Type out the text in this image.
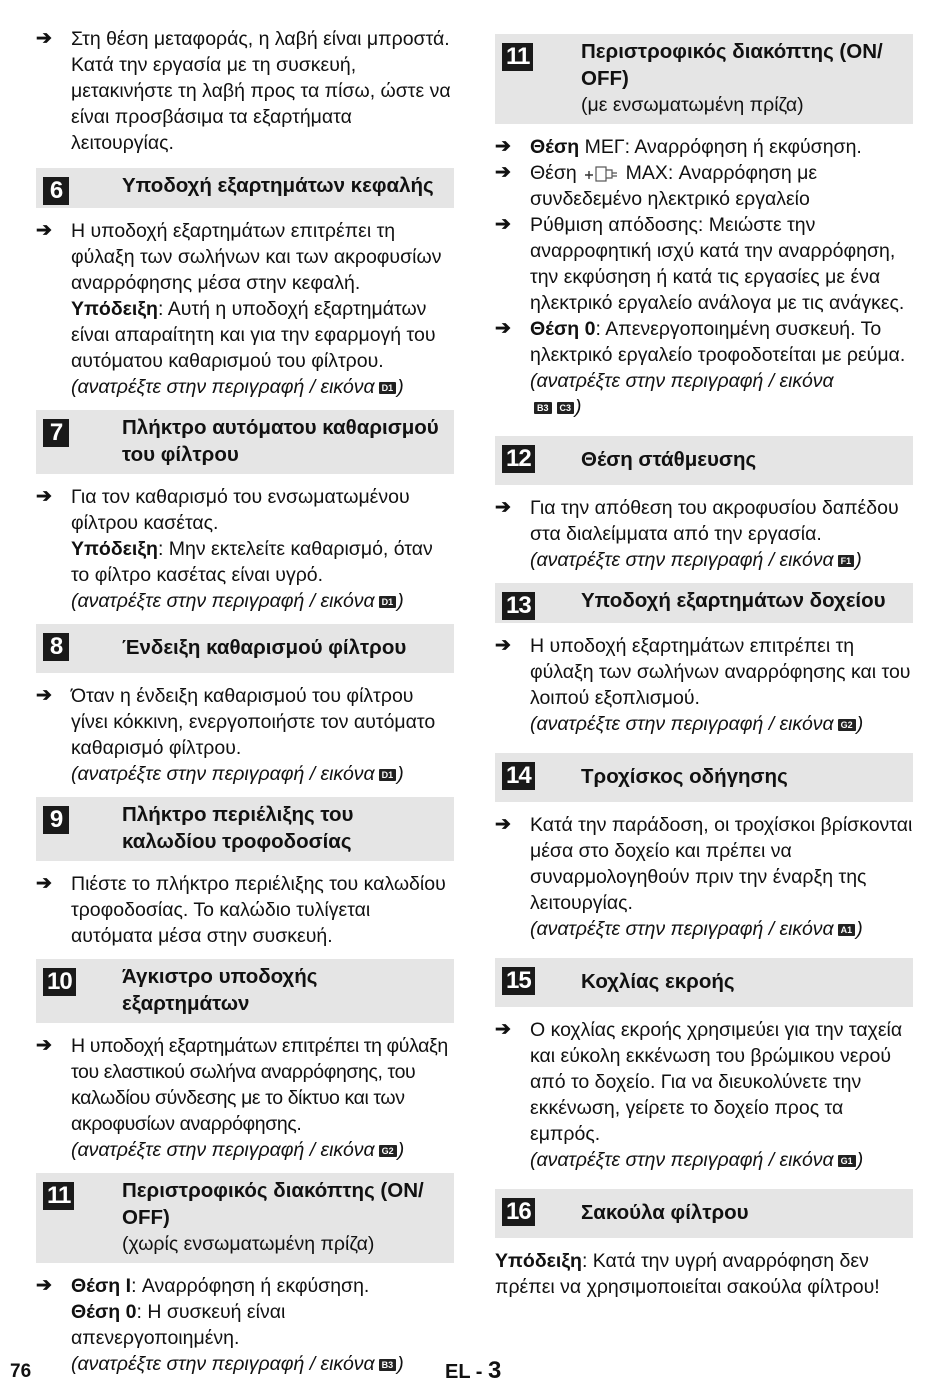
➔ Στη θέση μεταφοράς, η λαβή είναι μπροστά. Κατά την εργασία με τη συσκευή, μετακινήστε τη λαβή προς τα πίσω, ώστε να είναι προσβάσιμα τα εξαρτήματα λειτουργίας.

6	Υποδοχή εξαρτημάτων κεφαλής

➔ Η υποδοχή εξαρτημάτων επιτρέπει τη φύλαξη των σωλήνων και των ακροφυσίων αναρρόφησης μέσα στην κεφαλή.

Υπόδειξη: Αυτή η υποδοχή εξαρτημάτων είναι απαραίτητη και για την εφαρμογή του αυτόματου καθαρισμού του φίλτρου.

(ανατρέξτε στην περιγραφή / εικόνα D1 )

7	Πλήκτρο αυτόματου καθαρισμού του φίλτρου

➔ Για τον καθαρισμό του ενσωματωμένου φίλτρου κασέτας.

Υπόδειξη: Μην εκτελείτε καθαρισμό, όταν το φίλτρο κασέτας είναι υγρό.

(ανατρέξτε στην περιγραφή / εικόνα D1 )

8	Ένδειξη καθαρισμού φίλτρου

➔ Όταν η ένδειξη καθαρισμού του φίλτρου γίνει κόκκινη, ενεργοποιήστε τον αυτόματο καθαρισμό φίλτρου.

(ανατρέξτε στην περιγραφή / εικόνα D1 )

9	Πλήκτρο περιέλιξης του καλωδίου τροφοδοσίας

➔ Πιέστε το πλήκτρο περιέλιξης του καλωδίου τροφοδοσίας. Το καλώδιο τυλίγεται αυτόματα μέσα στην συσκευή.

10 Άγκιστρο υποδοχής εξαρτημάτων

➔ Η υποδοχή εξαρτημάτων επιτρέπει τη φύλαξη του ελαστικού σωλήνα αναρρόφησης, του καλωδίου σύνδεσης με το δίκτυο και των ακροφυσίων αναρρόφησης.

(ανατρέξτε στην περιγραφή / εικόνα G2 )

11	Περιστροφικός διακόπτης (ON/ OFF)
(χωρίς ενσωματωμένη πρίζα)

➔ Θέση I: Αναρρόφηση ή εκφύσηση.

Θέση 0: Η συσκευή είναι απενεργοποιημένη.

(ανατρέξτε στην περιγραφή / εικόνα B3 )

11	Περιστροφικός διακόπτης (ON/ OFF)
(με ενσωματωμένη πρίζα)

➔ Θέση ΜΕΓ: Αναρρόφηση ή εκφύσηση.

➔ Θέση  MAX: Αναρρόφηση με συνδεδεμένο ηλεκτρικό εργαλείο

➔ Ρύθμιση απόδοσης: Μειώστε την αναρροφητική ισχύ κατά την αναρρόφηση, την εκφύσηση ή κατά τις εργασίες με ένα ηλεκτρικό εργαλείο ανάλογα με τις ανάγκες.

➔ Θέση 0: Απενεργοποιημένη συσκευή. Το ηλεκτρικό εργαλείο τροφοδοτείται με ρεύμα.

(ανατρέξτε στην περιγραφή / εικόνα
B3 C3 )

12 Θέση στάθμευσης

➔ Για την απόθεση του ακροφυσίου δαπέδου στα διαλείμματα από την εργασία.

(ανατρέξτε στην περιγραφή / εικόνα F1 )

13 Υποδοχή εξαρτημάτων δοχείου

➔ Η υποδοχή εξαρτημάτων επιτρέπει τη φύλαξη των σωλήνων αναρρόφησης και του λοιπού εξοπλισμού.

(ανατρέξτε στην περιγραφή / εικόνα G2 )

14 Τροχίσκος οδήγησης

➔ Κατά την παράδοση, οι τροχίσκοι βρίσκονται μέσα στο δοχείο και πρέπει να συναρμολογηθούν πριν την έναρξη της λειτουργίας.

(ανατρέξτε στην περιγραφή / εικόνα A1 )

15 Κοχλίας εκροής

➔ Ο κοχλίας εκροής χρησιμεύει για την ταχεία και εύκολη εκκένωση του βρώμικου νερού από το δοχείο. Για να διευκολύνετε την εκκένωση, γείρετε το δοχείο προς τα εμπρός.

(ανατρέξτε στην περιγραφή / εικόνα G1 )

16 Σακούλα φίλτρου

Υπόδειξη: Κατά την υγρή αναρρόφηση δεν πρέπει να χρησιμοποιείται σακούλα φίλτρου!

76	EL - 3
